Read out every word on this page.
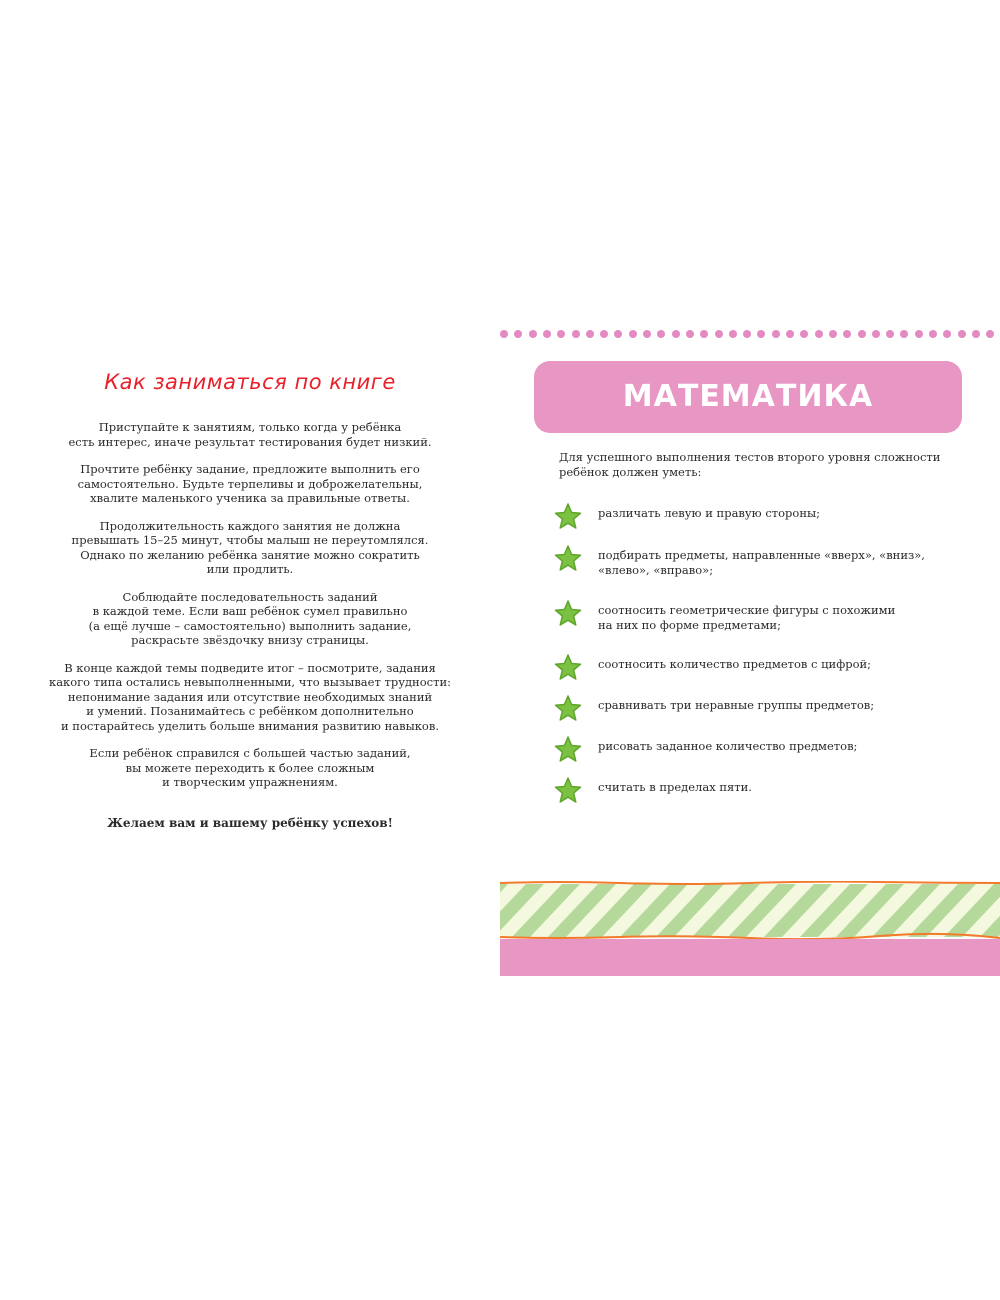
Как заниматься по книге
Приступайте к занятиям, только когда у ребёнка
есть интерес, иначе результат тестирования будет низкий.
Прочтите ребёнку задание, предложите выполнить его
самостоятельно. Будьте терпеливы и доброжелательны,
хвалите маленького ученика за правильные ответы.
Продолжительность каждого занятия не должна
превышать 15–25 минут, чтобы малыш не переутомлялся.
Однако по желанию ребёнка занятие можно сократить
или продлить.
Соблюдайте последовательность заданий
в каждой теме. Если ваш ребёнок сумел правильно
(а ещё лучше – самостоятельно) выполнить задание,
раскрасьте звёздочку внизу страницы.
В конце каждой темы подведите итог – посмотрите, задания
какого типа остались невыполненными, что вызывает трудности:
непонимание задания или отсутствие необходимых знаний
и умений. Позанимайтесь с ребёнком дополнительно
и постарайтесь уделить больше внимания развитию навыков.
Если ребёнок справился с большей частью заданий,
вы можете переходить к более сложным
и творческим упражнениям.
Желаем вам и вашему ребёнку успехов!
МАТЕМАТИКА
Для успешного выполнения тестов второго уровня сложности
ребёнок должен уметь:
различать левую и правую стороны;
подбирать предметы, направленные «вверх», «вниз»,
«влево», «вправо»;
соотносить геометрические фигуры с похожими
на них по форме предметами;
соотносить количество предметов с цифрой;
сравнивать три неравные группы предметов;
рисовать заданное количество предметов;
считать в пределах пяти.
